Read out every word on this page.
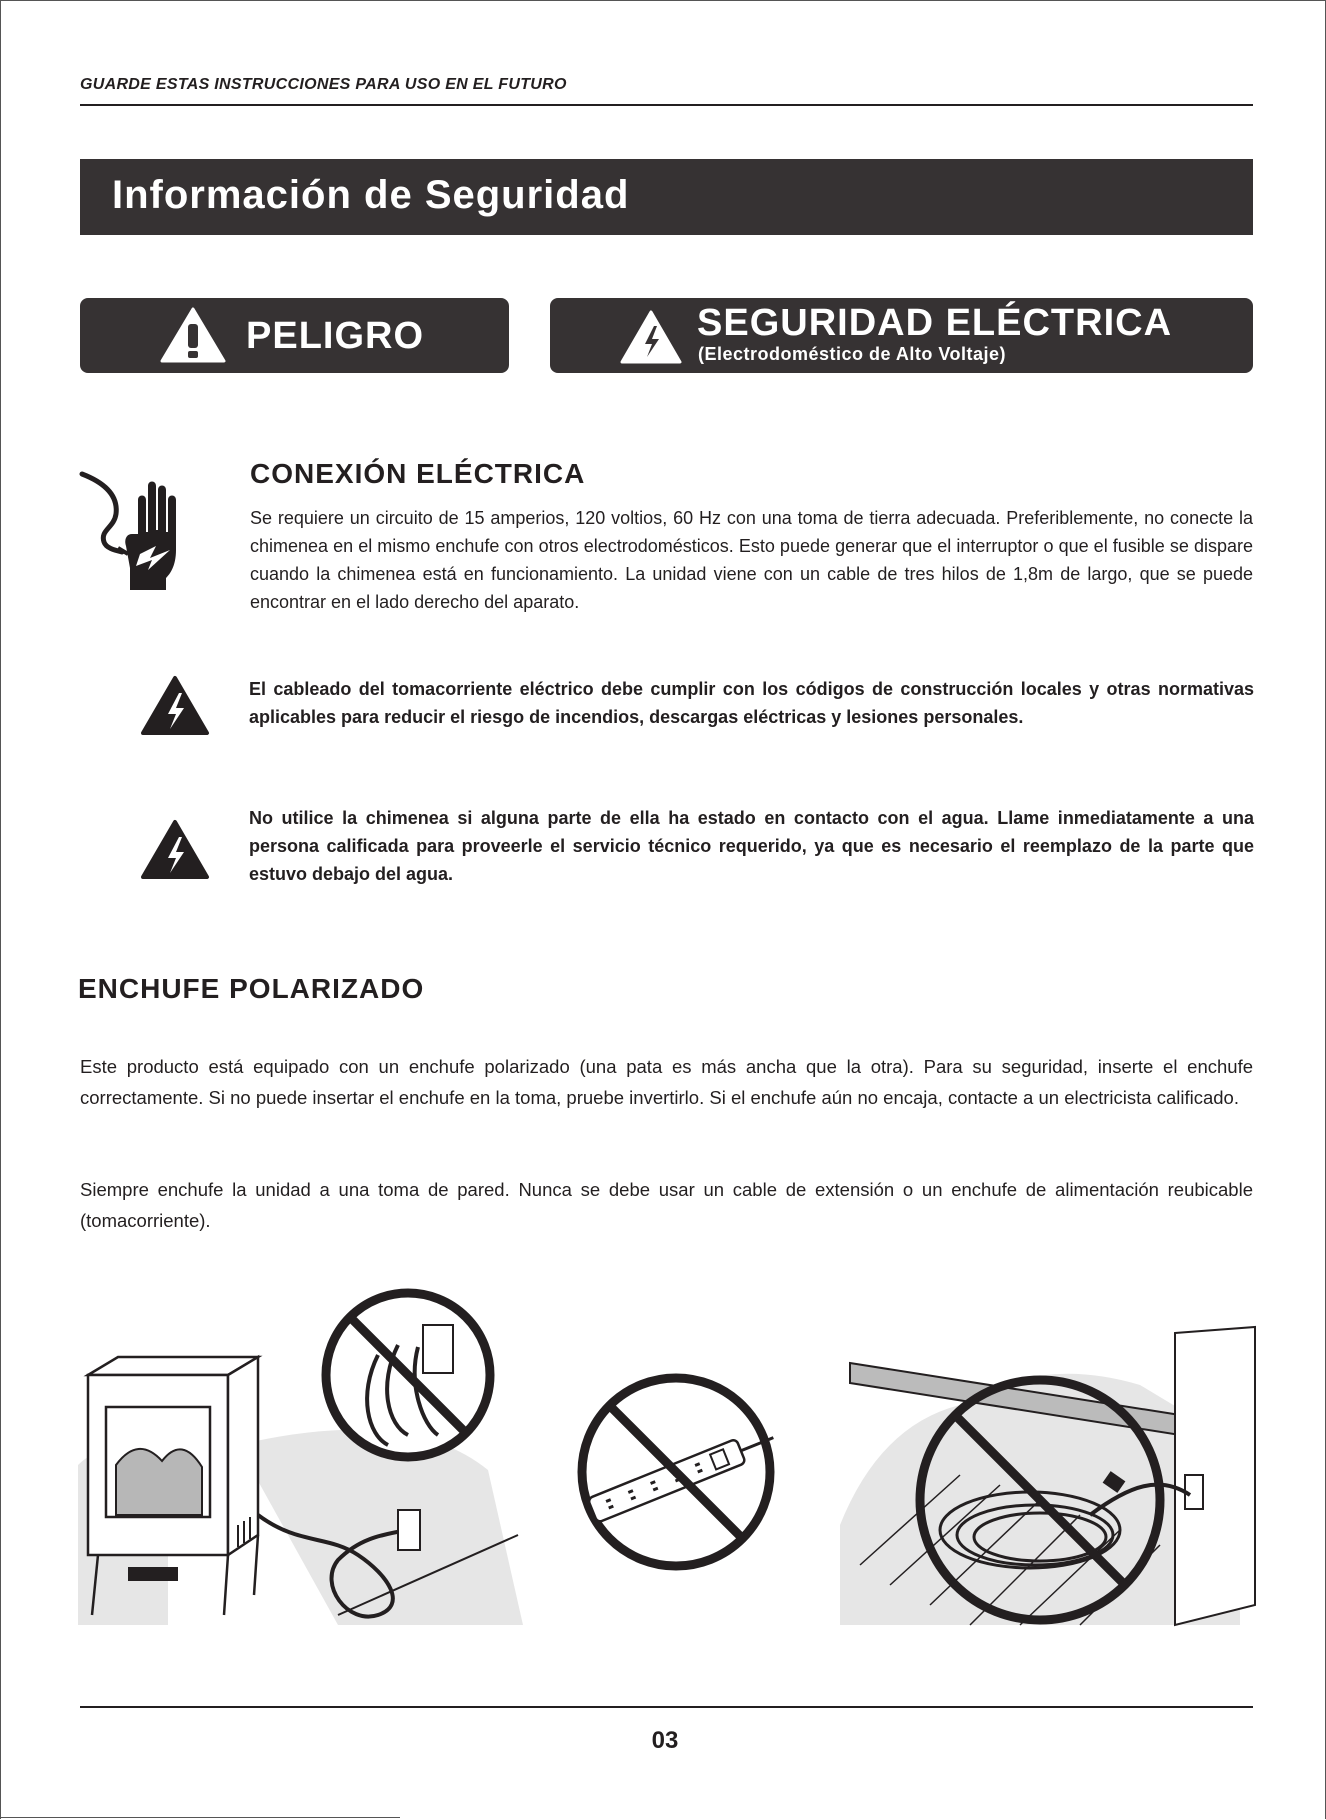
GUARDE ESTAS INSTRUCCIONES PARA USO EN EL FUTURO
Información de Seguridad
PELIGRO	SEGURIDAD ELÉCTRICA
(Electrodoméstico de Alto Voltaje)
CONEXIÓN ELÉCTRICA
Se requiere un circuito de 15 amperios, 120 voltios, 60 Hz con una toma de tierra adecuada. Preferiblemente, no conecte la chimenea en el mismo enchufe con otros electrodomésticos. Esto puede generar que el interruptor o que el fusible se dispare cuando la chimenea está en funcionamiento. La unidad viene con un cable de tres hilos de 1,8m de largo, que se puede encontrar en el lado derecho del aparato.
El cableado del tomacorriente eléctrico debe cumplir con los códigos de construcción locales y otras normativas aplicables para reducir el riesgo de incendios, descargas eléctricas y lesiones personales.
No utilice la chimenea si alguna parte de ella ha estado en contacto con el agua. Llame inmediatamente a una persona calificada para proveerle el servicio técnico requerido, ya que es necesario el reemplazo de la parte que estuvo debajo del agua.
ENCHUFE POLARIZADO
Este producto está equipado con un enchufe polarizado (una pata es más ancha que la otra). Para su seguridad, inserte el enchufe correctamente. Si no puede insertar el enchufe en la toma, pruebe invertirlo. Si el enchufe aún no encaja, contacte a un electricista calificado.
Siempre enchufe la unidad a una toma de pared. Nunca se debe usar un cable de extensión o un enchufe de alimentación reubicable (tomacorriente).
03
